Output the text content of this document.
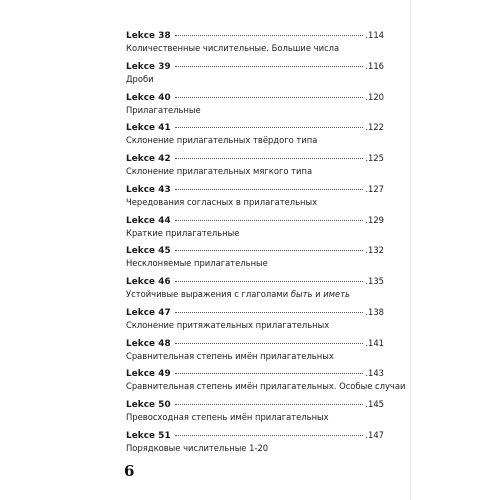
Lekce 38	.114
Количественные числительные. Большие числа
Lekce 39	.116
Дроби
Lekce 40	.120
Прилагательные
Lekce 41	.122
Склонение прилагательных твёрдого типа
Lekce 42	.125
Склонение прилагательных мягкого типа
Lekce 43	.127
Чередования согласных в прилагательных
Lekce 44	.129
Краткие прилагательные
Lekce 45	.132
Несклоняемые прилагательные
Lekce 46	.135
Устойчивые выражения с глаголами быть и иметь
Lekce 47	.138
Склонение притяжательных прилагательных
Lekce 48	.141
Сравнительная степень имён прилагательных
Lekce 49	.143
Сравнительная степень имён прилагательных. Особые случаи
Lekce 50	.145
Превосходная степень имён прилагательных
Lekce 51	.147
Порядковые числительные 1-20
6
